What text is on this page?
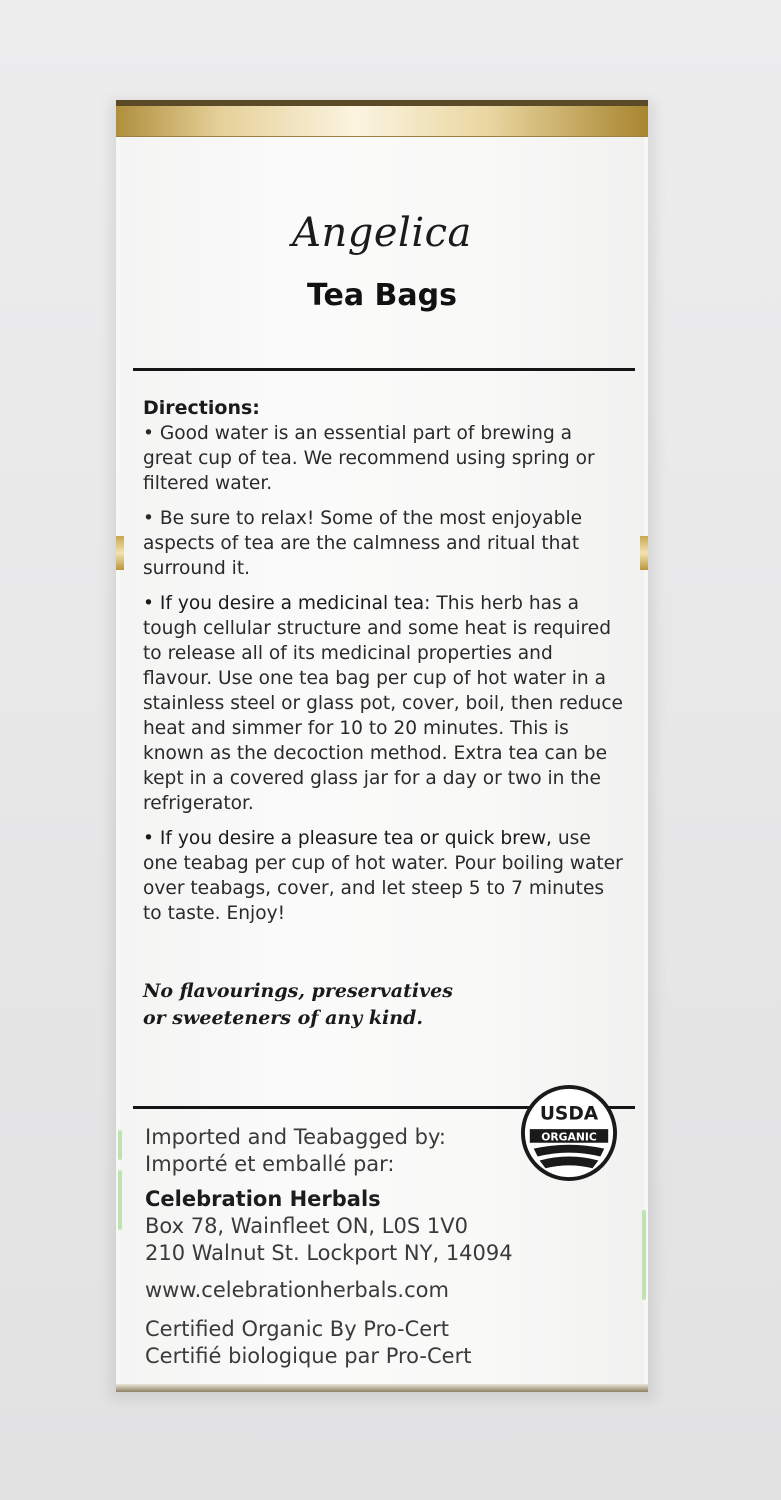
Angelica
Tea Bags
Directions:
• Good water is an essential part of brewing a great cup of tea. We recommend using spring or filtered water.
• Be sure to relax! Some of the most enjoyable aspects of tea are the calmness and ritual that surround it.
• If you desire a medicinal tea: This herb has a tough cellular structure and some heat is required to release all of its medicinal properties and flavour. Use one tea bag per cup of hot water in a stainless steel or glass pot, cover, boil, then reduce heat and simmer for 10 to 20 minutes. This is known as the decoction method. Extra tea can be kept in a covered glass jar for a day or two in the refrigerator.
• If you desire a pleasure tea or quick brew, use one teabag per cup of hot water. Pour boiling water over teabags, cover, and let steep 5 to 7 minutes to taste. Enjoy!
No flavourings, preservatives
or sweeteners of any kind.
USDA
ORGANIC
Imported and Teabagged by:
Importé et emballé par:
Celebration Herbals
Box 78, Wainfleet ON, L0S 1V0
210 Walnut St. Lockport NY, 14094
www.celebrationherbals.com
Certified Organic By Pro-Cert
Certifié biologique par Pro-Cert
